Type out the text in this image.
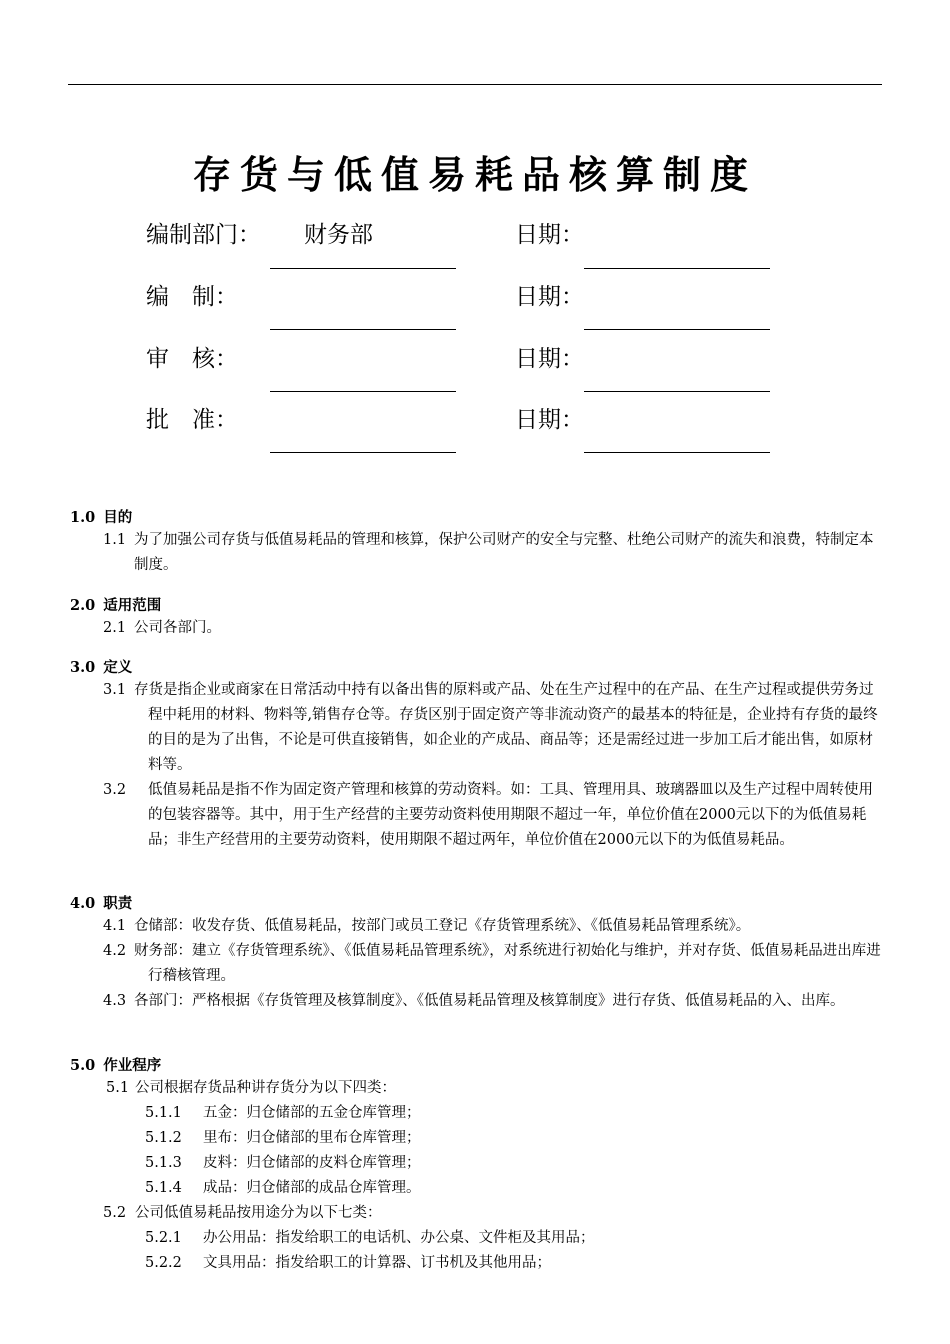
存货与低值易耗品核算制度
编制部门： 财务部	日期：
编　制：	日期：
审　核：	日期：
批　准：	日期：
1.0 目的
1.1 为了加强公司存货与低值易耗品的管理和核算，保护公司财产的安全与完整、杜绝公司财产的流失和浪费，特制定本制度。
2.0 适用范围
2.1 公司各部门。
3.0 定义
3.1 存货是指企业或商家在日常活动中持有以备出售的原料或产品、处在生产过程中的在产品、在生产过程或提供劳务过程中耗用的材料、物料等,销售存仓等。存货区别于固定资产等非流动资产的最基本的特征是，企业持有存货的最终的目的是为了出售，不论是可供直接销售，如企业的产成品、商品等；还是需经过进一步加工后才能出售，如原材料等。
3.2	低值易耗品是指不作为固定资产管理和核算的劳动资料。如：工具、管理用具、玻璃器皿以及生产过程中周转使用的包装容器等。其中，用于生产经营的主要劳动资料使用期限不超过一年，单位价值在2000元以下的为低值易耗品；非生产经营用的主要劳动资料，使用期限不超过两年，单位价值在2000元以下的为低值易耗品。
4.0 职责
4.1 仓储部：收发存货、低值易耗品，按部门或员工登记《存货管理系统》、《低值易耗品管理系统》。
4.2 财务部：建立《存货管理系统》、《低值易耗品管理系统》，对系统进行初始化与维护，并对存货、低值易耗品进出库进行稽核管理。
4.3 各部门：严格根据《存货管理及核算制度》、《低值易耗品管理及核算制度》进行存货、低值易耗品的入、出库。
5.0 作业程序
5.1 公司根据存货品种讲存货分为以下四类：
5.1.1 五金：归仓储部的五金仓库管理；
5.1.2 里布：归仓储部的里布仓库管理；
5.1.3 皮料：归仓储部的皮料仓库管理；
5.1.4 成品：归仓储部的成品仓库管理。
5.2 公司低值易耗品按用途分为以下七类：
5.2.1 办公用品：指发给职工的电话机、办公桌、文件柜及其用品；
5.2.2 文具用品：指发给职工的计算器、订书机及其他用品；
